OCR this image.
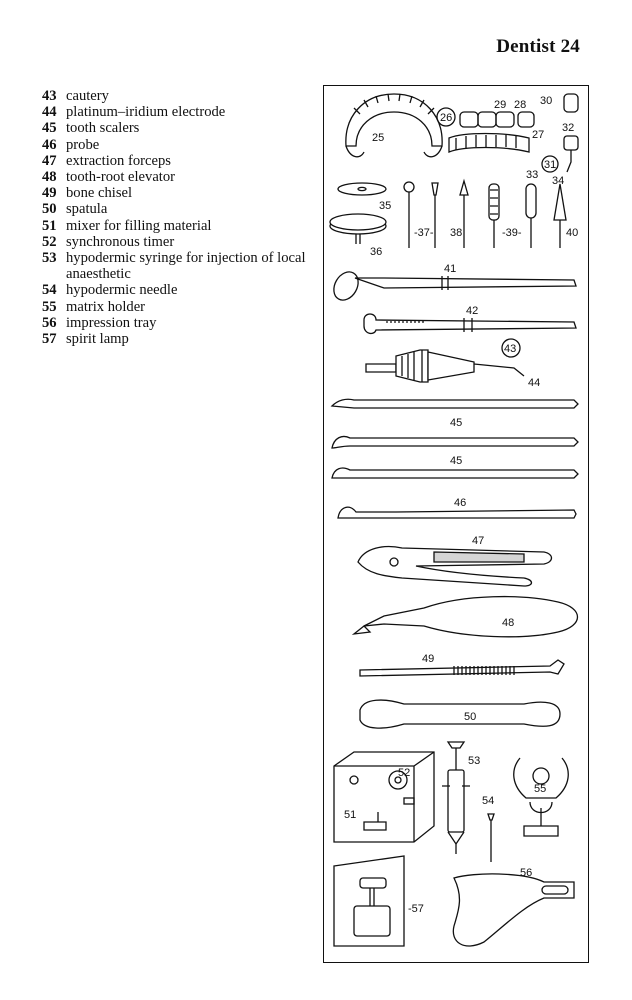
Dentist 24
43 cautery
44 platinum–iridium electrode
45 tooth scalers
46 probe
47 extraction forceps
48 tooth-root elevator
49 bone chisel
50 spatula
51 mixer for filling material
52 synchronous timer
53 hypodermic syringe for injection of local anaesthetic
54 hypodermic needle
55 matrix holder
56 impression tray
57 spirit lamp
25
26
29 28 30
27
32
31
33 34
35
36
-37- 38	-39-	40
41
42
43
44
45
45
46
47
48
49
50
51
52
53
54
55
-57
56
